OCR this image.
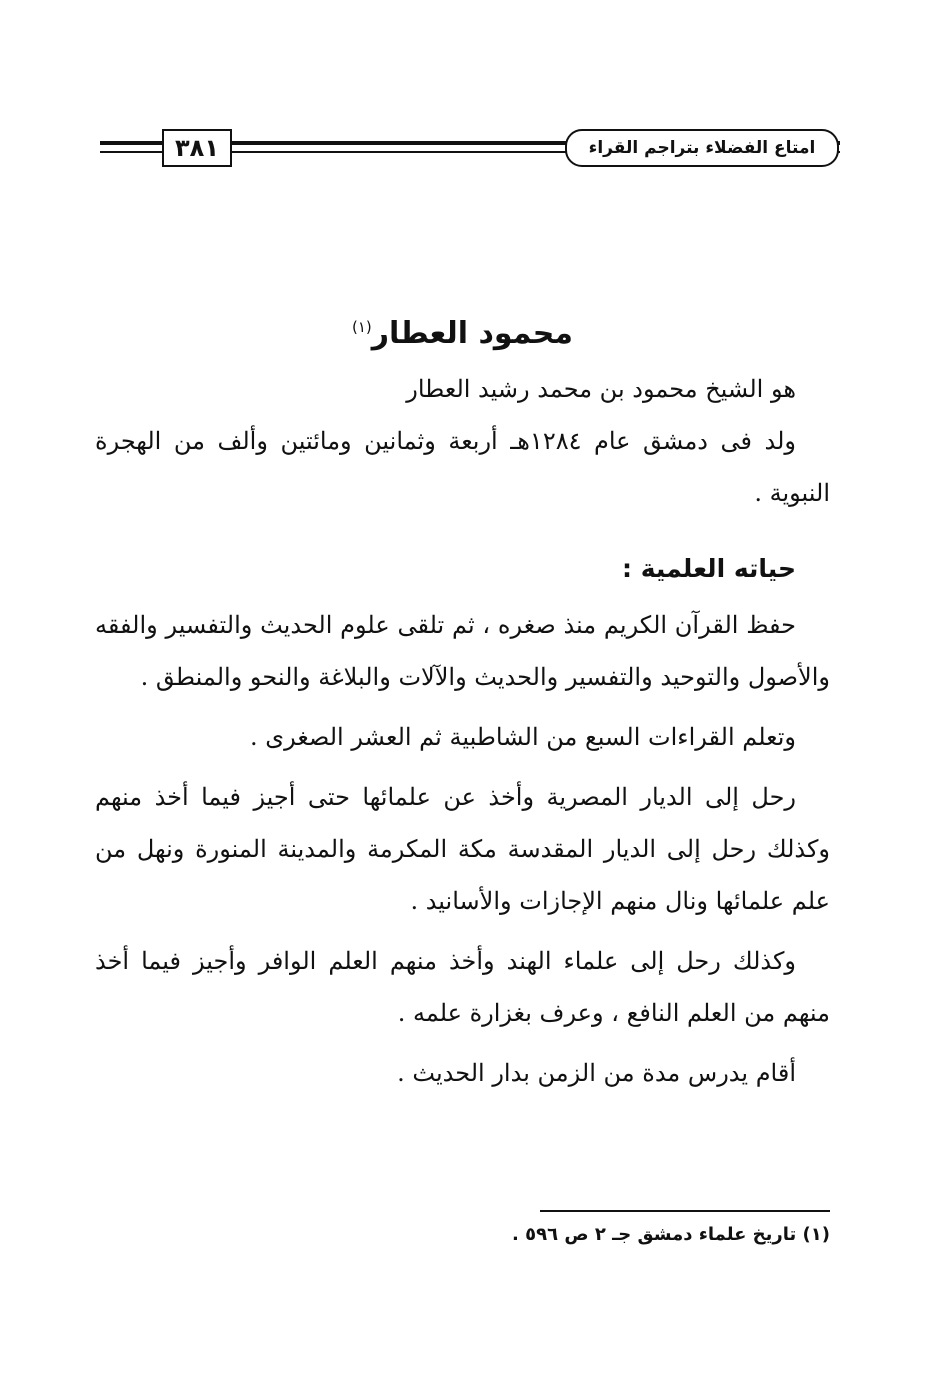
٣٨١	امتاع الفضلاء بتراجم القراء
محمود العطار$^{(١)}$

هو الشيخ محمود بن محمد رشيد العطار

ولد فى دمشق عام ١٢٨٤هـ أربعة وثمانين ومائتين وألف من الهجرة النبوية .

حياته العلمية :

حفظ القرآن الكريم منذ صغره ، ثم تلقى علوم الحديث والتفسير والفقه والأصول والتوحيد والتفسير والحديث والآلات والبلاغة والنحو والمنطق .

وتعلم القراءات السبع من الشاطبية ثم العشر الصغرى .

رحل إلى الديار المصرية وأخذ عن علمائها حتى أجيز فيما أخذ منهم وكذلك رحل إلى الديار المقدسة مكة المكرمة والمدينة المنورة ونهل من علم علمائها ونال منهم الإجازات والأسانيد .

وكذلك رحل إلى علماء الهند وأخذ منهم العلم الوافر وأجيز فيما أخذ منهم من العلم النافع ، وعرف بغزارة علمه .

أقام يدرس مدة من الزمن بدار الحديث .

(١) تاريخ علماء دمشق جـ ٢ ص ٥٩٦ .
